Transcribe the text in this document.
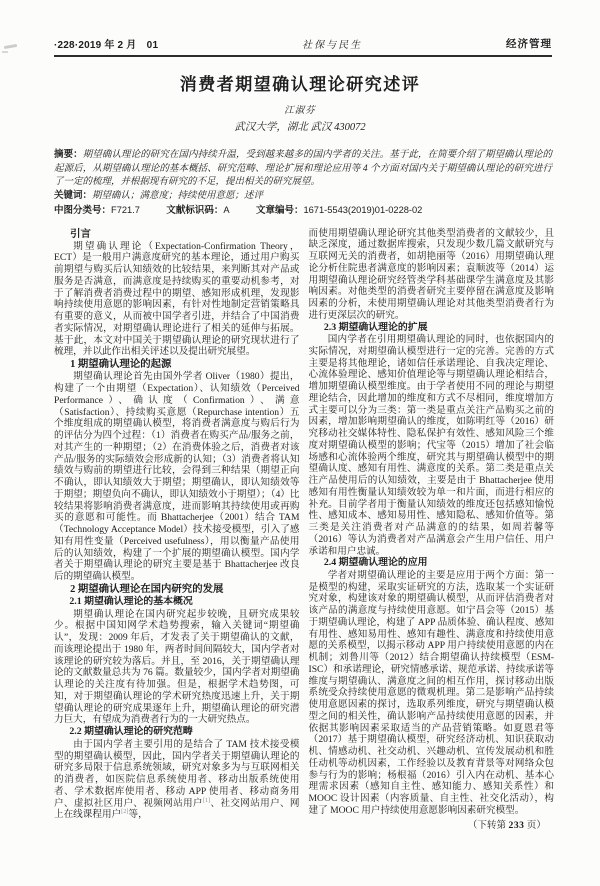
·228·2019 年 2 月　01	社保与民生	经济管理
消费者期望确认理论研究述评
江淑芬
武汉大学，湖北 武汉 430072
摘要：期望确认理论的研究在国内持续升温，受到越来越多的国内学者的关注。基于此，在简要介绍了期望确认理论的起源后，从期望确认理论的基本概括、研究范畴、理论扩展和理论应用等 4 个方面对国内关于期望确认理论的研究进行了一定的梳理，并根据现有研究的不足，提出相关的研究展望。
关键词：期望确认；满意度；持续使用意愿；述评
中图分类号：F721.7	文献标识码：A	文章编号：1671-5543(2019)01-0228-02
引言

期望确认理论（Expectation-Confirmation Theory，ECT）是一般用户满意度研究的基本理论，通过用户购买前期望与购买后认知绩效的比较结果，来判断其对产品或服务是否满意，而满意度是持续购买的重要动机参考，对于了解消费者消费过程中的期望、感知形成机理，发现影响持续使用意愿的影响因素，有针对性地制定营销策略具有重要的意义，从而被中国学者引进，并结合了中国消费者实际情况，对期望确认理论进行了相关的延伸与拓展。基于此，本文对中国关于期望确认理论的研究现状进行了梳理，并以此作出相关评述以及提出研究展望。

1 期望确认理论的起源

期望确认理论首先由国外学者 Oliver（1980）提出，构建了一个由期望（Expectation）、认知绩效（Perceived Performance）、确认度（Confirmation）、满意（Satisfaction）、持续购买意愿（Repurchase intention）五个维度组成的期望确认模型，将消费者满意度与购后行为的评估分为四个过程：（1）消费者在购买产品/服务之前，对其产生的一种期望；（2）在消费体验之后，消费者对该产品/服务的实际绩效会形成新的认知；（3）消费者将认知绩效与购前的期望进行比较，会得到三种结果（期望正向不确认，即认知绩效大于期望；期望确认，即认知绩效等于期望；期望负向不确认，即认知绩效小于期望）；（4）比较结果将影响消费者满意度，进而影响其持续使用或再购买的意愿和可能性。而 Bhattacherjee（2001）结合 TAM（Technology Acceptance Model）技术接受模型，引入了感知有用性变量（Perceived usefulness），用以衡量产品使用后的认知绩效，构建了一个扩展的期望确认模型。国内学者关于期望确认理论的研究主要是基于 Bhattacherjee 改良后的期望确认模型。

2 期望确认理论在国内研究的发展
2.1 期望确认理论的基本概况

期望确认理论在国内研究起步较晚，且研究成果较少。根据中国知网学术趋势搜索，输入关键词“期望确认”，发现：2009 年后，才发表了关于期望确认的文献，而该理论提出于 1980 年，两者时间间隔较大，国内学者对该理论的研究较为落后。并且，至 2016，关于期望确认理论的文献数量总共为 76 篇。数量较少，国内学者对期望确认理论的关注度有待加强。但是，根据学术趋势图，可知，对于期望确认理论的学术研究热度迅速上升，关于期望确认理论的研究成果逐年上升，期望确认理论的研究潜力巨大，有望成为消费者行为的一大研究热点。

2.2 期望确认理论的研究范畴

由于国内学者主要引用的是结合了 TAM 技术接受模型的期望确认模型，因此，国内学者关于期望确认理论的研究多局限于信息系统领域，研究对象多为与互联网相关的消费者，如医院信息系统使用者、移动出版系统使用者、学术数据库使用者、移动 APP 使用者、移动商务用户、虚拟社区用户、视频网站用户[1]、社交网站用户、网上在线课程用户[2]等，

而使用期望确认理论研究其他类型消费者的文献较少，且缺乏深度，通过数据库搜索，只发现少数几篇文献研究与互联网无关的消费者，如胡艳丽等（2016）用期望确认理论分析住院患者满意度的影响因素；袁顺波等（2014）运用期望确认理论研究经管类学科基础课学生满意度及其影响因素。对他类型的消费者研究主要停留在满意度及影响因素的分析，未使用期望确认理论对其他类型消费者行为进行更深层次的研究。

2.3 期望确认理论的扩展

国内学者在引用期望确认理论的同时，也依据国内的实际情况，对期望确认模型进行一定的完善。完善的方式主要是将其他理论，诸如信任承诺理论、自我决定理论、心流体验理论、感知价值理论等与期望确认理论相结合，增加期望确认模型维度。由于学者使用不同的理论与期望理论结合，因此增加的维度和方式不尽相同，维度增加方式主要可以分为三类：第一类是重点关注产品购买之前的因素，增加影响期望确认的维度，如陈明红等（2016）研究移动社交媒体特性、隐私保护有效性、感知风险三个维度对期望确认模型的影响；代宝等（2015）增加了社会临场感和心流体验两个维度，研究其与期望确认模型中的期望确认度、感知有用性、满意度的关系。第二类是重点关注产品使用后的认知绩效，主要是由于 Bhattacherjee 使用感知有用性衡量认知绩效较为单一和片面，而进行相应的补充。目前学者用于衡量认知绩效的维度还包括感知愉悦性、感知成本、感知易用性、感知隐私、感知价值等。第三类是关注消费者对产品满意的的结果，如周若馨等（2016）等认为消费者对产品满意会产生用户信任、用户承诺和用户忠诚。

2.4 期望确认理论的应用

学者对期望确认理论的主要是应用于两个方面：第一是模型的构建，采取实证研究的方法，选取某一个实证研究对象，构建该对象的期望确认模型，从而评估消费者对该产品的满意度与持续使用意愿。如宁昌会等（2015）基于期望确认理论，构建了 APP 品质体验、确认程度、感知有用性、感知易用性、感知有趣性、满意度和持续使用意愿的关系模型，以揭示移动 APP 用户持续使用意愿的内在机制；刘鲁川等（2012）结合期望确认持续模型（ESM-ISC）和承诺理论，研究情感承诺、规范承诺、持续承诺等维度与期望确认、满意度之间的相互作用，探讨移动出版系统受众持续使用意愿的微观机理。第二是影响产品持续使用意愿因素的探讨，选取系列维度，研究与期望确认模型之间的相关性，确认影响产品持续使用意愿的因素，并依据其影响因素采取适当的产品营销策略。如夏恩君等（2017）基于期望确认模型，研究经济动机、知识获取动机、情感动机、社交动机、兴趣动机、宣传发展动机和胜任动机等动机因素，工作经验以及教育背景等对网络众包参与行为的影响；杨根福（2016）引入内在动机、基本心理需求因素（感知自主性、感知能力、感知关系性）和 MOOC 设计因素（内容质量、自主性、社交化活动），构建了 MOOC 用户持续使用意愿影响因素研究模型。

（下转第 233 页）
